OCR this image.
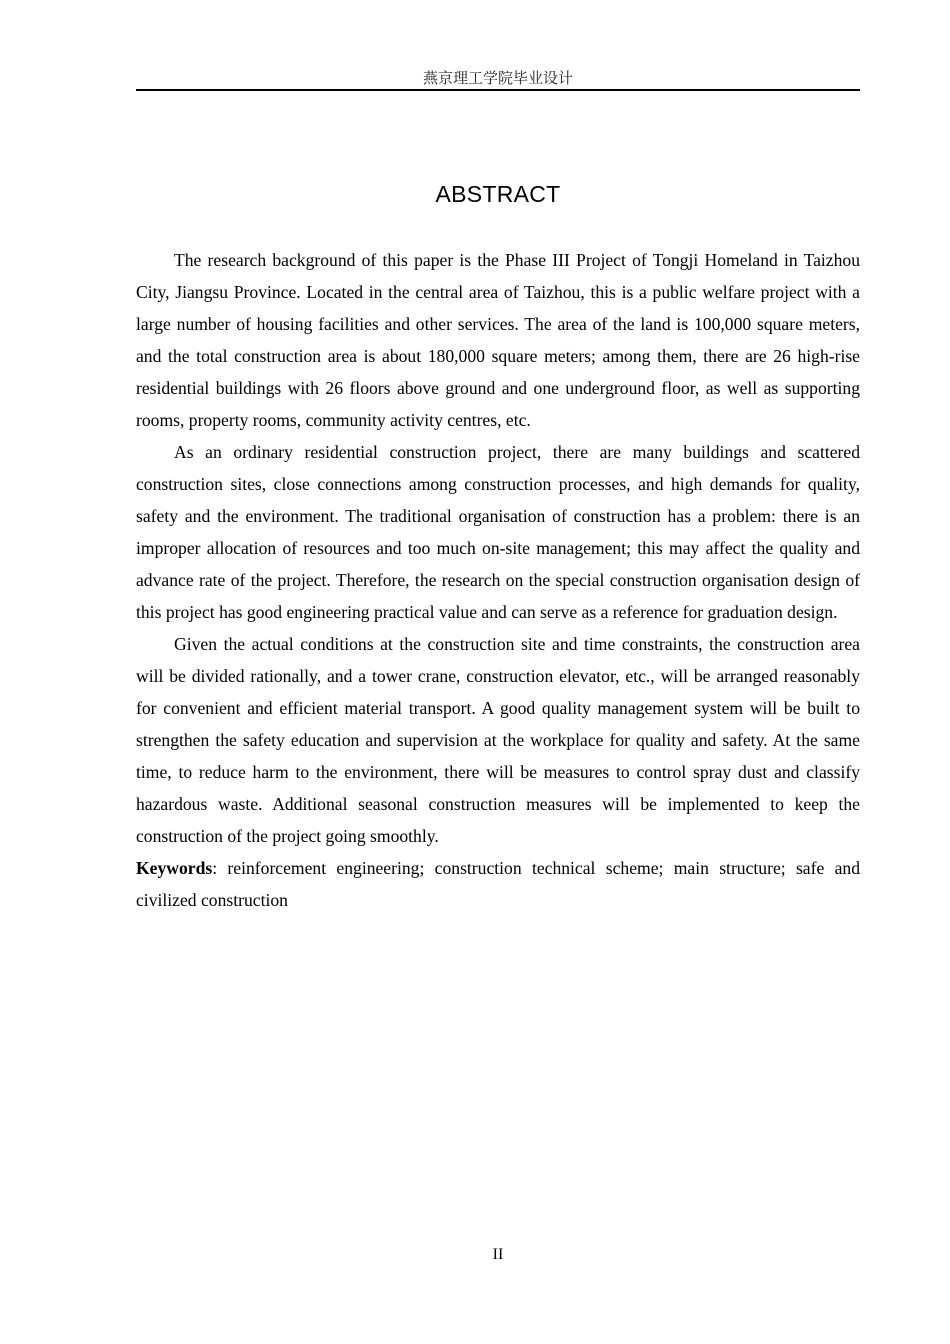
燕京理工学院毕业设计
ABSTRACT

The research background of this paper is the Phase III Project of Tongji Homeland in Taizhou City, Jiangsu Province. Located in the central area of Taizhou, this is a public welfare project with a large number of housing facilities and other services. The area of the land is 100,000 square meters, and the total construction area is about 180,000 square meters; among them, there are 26 high-rise residential buildings with 26 floors above ground and one underground floor, as well as supporting rooms, property rooms, community activity centres, etc.

As an ordinary residential construction project, there are many buildings and scattered construction sites, close connections among construction processes, and high demands for quality, safety and the environment. The traditional organisation of construction has a problem: there is an improper allocation of resources and too much on-site management; this may affect the quality and advance rate of the project. Therefore, the research on the special construction organisation design of this project has good engineering practical value and can serve as a reference for graduation design.

Given the actual conditions at the construction site and time constraints, the construction area will be divided rationally, and a tower crane, construction elevator, etc., will be arranged reasonably for convenient and efficient material transport. A good quality management system will be built to strengthen the safety education and supervision at the workplace for quality and safety. At the same time, to reduce harm to the environment, there will be measures to control spray dust and classify hazardous waste. Additional seasonal construction measures will be implemented to keep the construction of the project going smoothly.

Keywords: reinforcement engineering; construction technical scheme; main structure; safe and civilized construction

II
